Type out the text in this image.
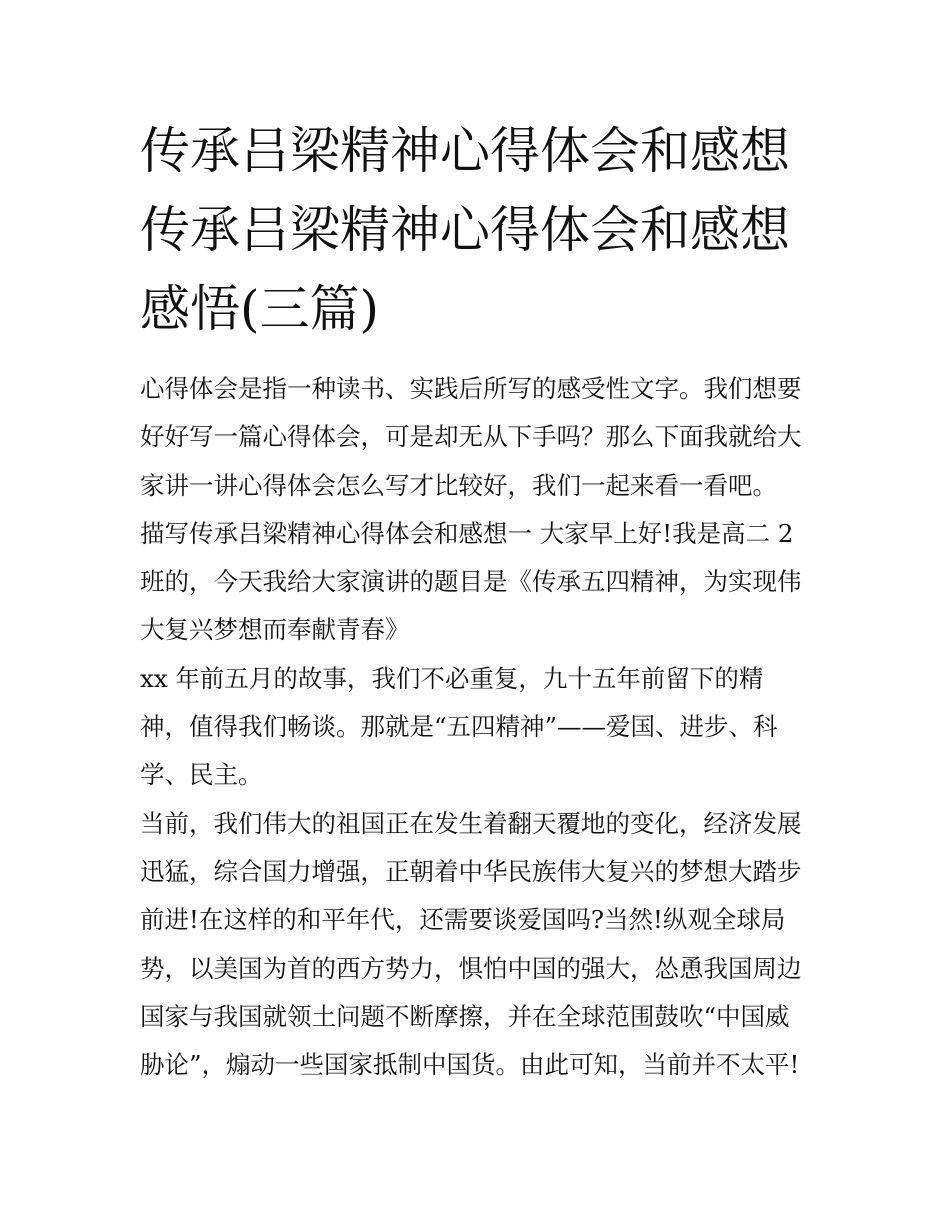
传承吕梁精神心得体会和感想
传承吕梁精神心得体会和感想
感悟(三篇)
心得体会是指一种读书、实践后所写的感受性文字。我们想要
好好写一篇心得体会，可是却无从下手吗？那么下面我就给大
家讲一讲心得体会怎么写才比较好，我们一起来看一看吧。
描写传承吕梁精神心得体会和感想一 大家早上好!我是高二 2
班的，今天我给大家演讲的题目是《传承五四精神，为实现伟
大复兴梦想而奉献青春》
xx 年前五月的故事，我们不必重复，九十五年前留下的精
神，值得我们畅谈。那就是“五四精神”——爱国、进步、科
学、民主。
当前，我们伟大的祖国正在发生着翻天覆地的变化，经济发展
迅猛，综合国力增强，正朝着中华民族伟大复兴的梦想大踏步
前进!在这样的和平年代，还需要谈爱国吗?当然!纵观全球局
势，以美国为首的西方势力，惧怕中国的强大，怂恿我国周边
国家与我国就领土问题不断摩擦，并在全球范围鼓吹“中国威
胁论”，煽动一些国家抵制中国货。由此可知，当前并不太平!
